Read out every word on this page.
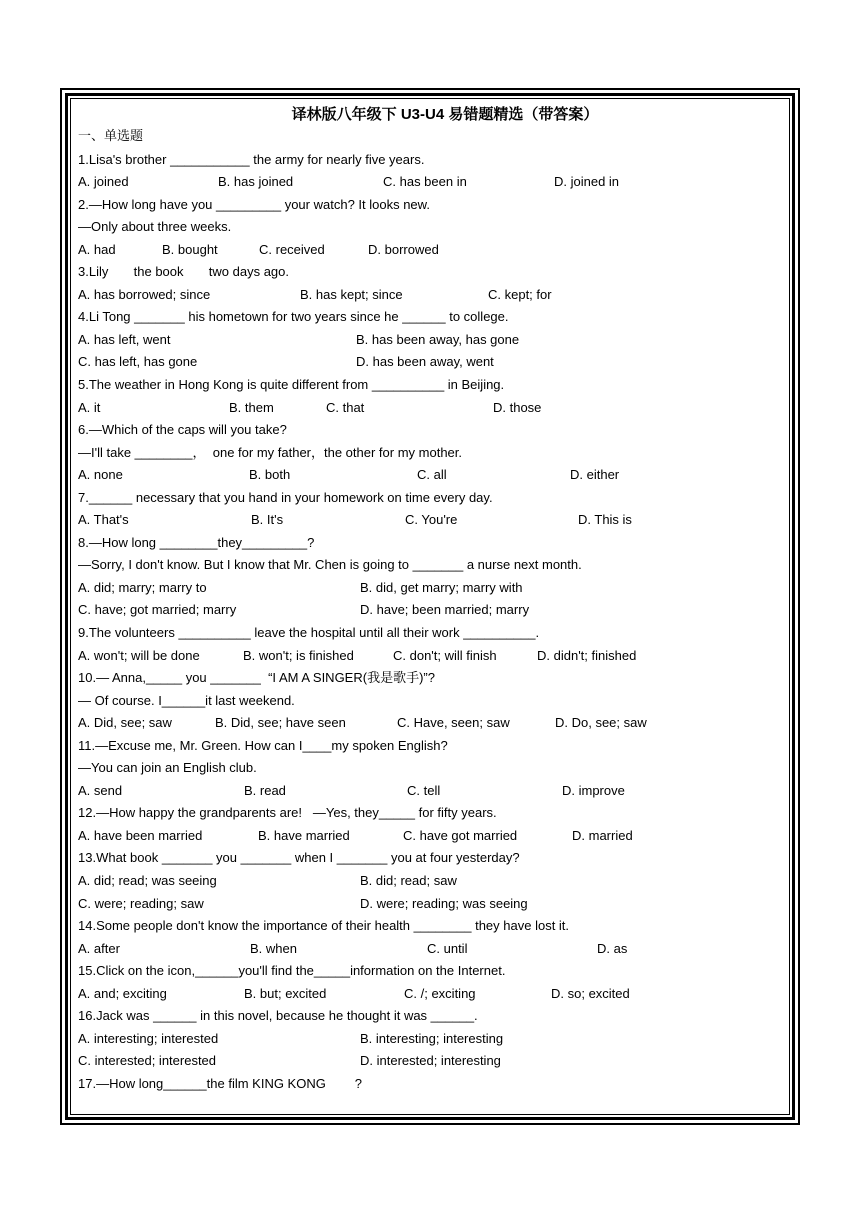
译林版八年级下 U3-U4 易错题精选（带答案）
一、单选题
1.Lisa's brother ___________ the army for nearly five years.
A. joined	B. has joined	C. has been in	D. joined in
2.—How long have you _________ your watch? It looks new.
—Only about three weeks.
A. had	B. bought	C. received	D. borrowed
3.Lily       the book       two days ago.
A. has borrowed; since	B. has kept; since	C. kept; for
4.Li Tong _______ his hometown for two years since he ______ to college.
A. has left, went	B. has been away, has gone
C. has left, has gone	D. has been away, went
5.The weather in Hong Kong is quite different from __________ in Beijing.
A. it	B. them	C. that	D. those
6.—Which of the caps will you take?
—I'll take ________，  one for my father，the other for my mother.
A. none	B. both	C. all	D. either
7.______ necessary that you hand in your homework on time every day.
A. That's	B. It's	C. You're	D. This is
8.—How long ________they_________?
—Sorry, I don't know. But I know that Mr. Chen is going to _______ a nurse next month.
A. did; marry; marry to	B. did, get marry; marry with
C. have; got married; marry	D. have; been married; marry
9.The volunteers __________ leave the hospital until all their work __________.
A. won't; will be done	B. won't; is finished	C. don't; will finish	D. didn't; finished
10.— Anna,_____ you _______  “I AM A SINGER(我是歌手)”?
— Of course. I______it last weekend.
A. Did, see; saw	B. Did, see; have seen	C. Have, seen; saw	D. Do, see; saw
11.—Excuse me, Mr. Green. How can I____my spoken English?
—You can join an English club.
A. send	B. read	C. tell	D. improve
12.—How happy the grandparents are!   —Yes, they_____ for fifty years.
A. have been married	B. have married	C. have got married	D. married
13.What book _______ you _______ when I _______ you at four yesterday?
A. did; read; was seeing	B. did; read; saw
C. were; reading; saw	D. were; reading; was seeing
14.Some people don't know the importance of their health ________ they have lost it.
A. after	B. when	C. until	D. as
15.Click on the icon,______you'll find the_____information on the Internet.
A. and; exciting	B. but; excited	C. /; exciting	D. so; excited
16.Jack was ______ in this novel, because he thought it was ______.
A. interesting; interested	B. interesting; interesting
C. interested; interested	D. interested; interesting
17.—How long______the film KING KONG        ?
